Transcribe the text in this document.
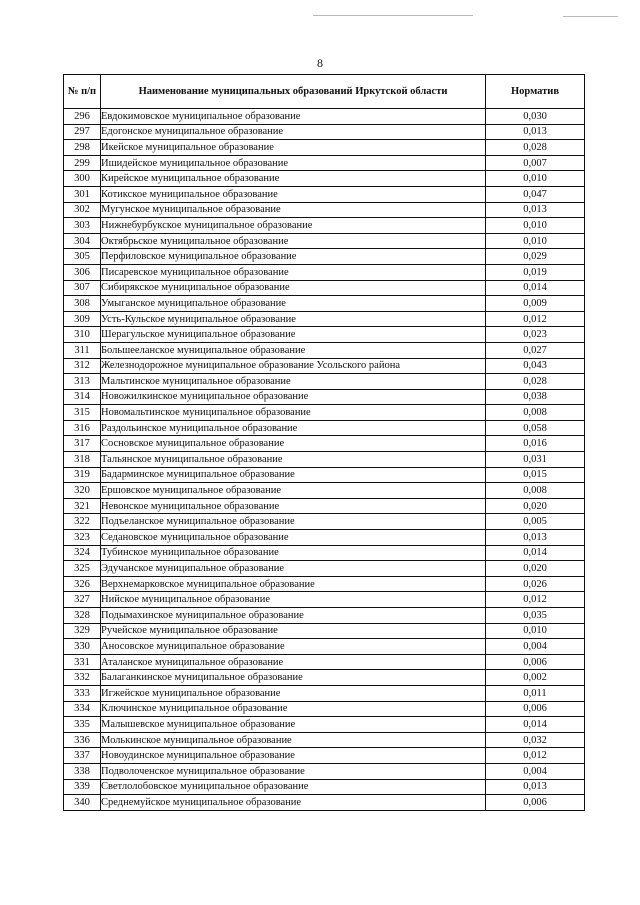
8
№ п/п	Наименование муниципальных образований Иркутской области	Норматив
296	Евдокимовское муниципальное образование	0,030
297	Едогонское муниципальное образование	0,013
298	Икейское муниципальное образование	0,028
299	Ишидейское муниципальное образование	0,007
300	Кирейское муниципальное образование	0,010
301	Котикское муниципальное образование	0,047
302	Мугунское муниципальное образование	0,013
303	Нижнебурбукское муниципальное образование	0,010
304	Октябрьское муниципальное образование	0,010
305	Перфиловское муниципальное образование	0,029
306	Писаревское муниципальное образование	0,019
307	Сибирякское муниципальное образование	0,014
308	Умыганское муниципальное образование	0,009
309	Усть-Кульское муниципальное образование	0,012
310	Шерагульское муниципальное образование	0,023
311	Большееланское муниципальное образование	0,027
312	Железнодорожное муниципальное образование Усольского района	0,043
313	Мальтинское муниципальное образование	0,028
314	Новожилкинское муниципальное образование	0,038
315	Новомальтинское муниципальное образование	0,008
316	Раздольинское муниципальное образование	0,058
317	Сосновское муниципальное образование	0,016
318	Тальянское муниципальное образование	0,031
319	Бадарминское муниципальное образование	0,015
320	Ершовское муниципальное образование	0,008
321	Невонское муниципальное образование	0,020
322	Подъеланское муниципальное образование	0,005
323	Седановское муниципальное образование	0,013
324	Тубинское муниципальное образование	0,014
325	Эдучанское муниципальное образование	0,020
326	Верхнемарковское муниципальное образование	0,026
327	Нийское муниципальное образование	0,012
328	Подымахинское муниципальное образование	0,035
329	Ручейское муниципальное образование	0,010
330	Аносовское муниципальное образование	0,004
331	Аталанское муниципальное образование	0,006
332	Балаганкинское муниципальное образование	0,002
333	Игжейское муниципальное образование	0,011
334	Ключинское муниципальное образование	0,006
335	Малышевское муниципальное образование	0,014
336	Молькинское муниципальное образование	0,032
337	Новоудинское муниципальное образование	0,012
338	Подволоченское муниципальное образование	0,004
339	Светлолобовское муниципальное образование	0,013
340	Среднемуйское муниципальное образование	0,006
